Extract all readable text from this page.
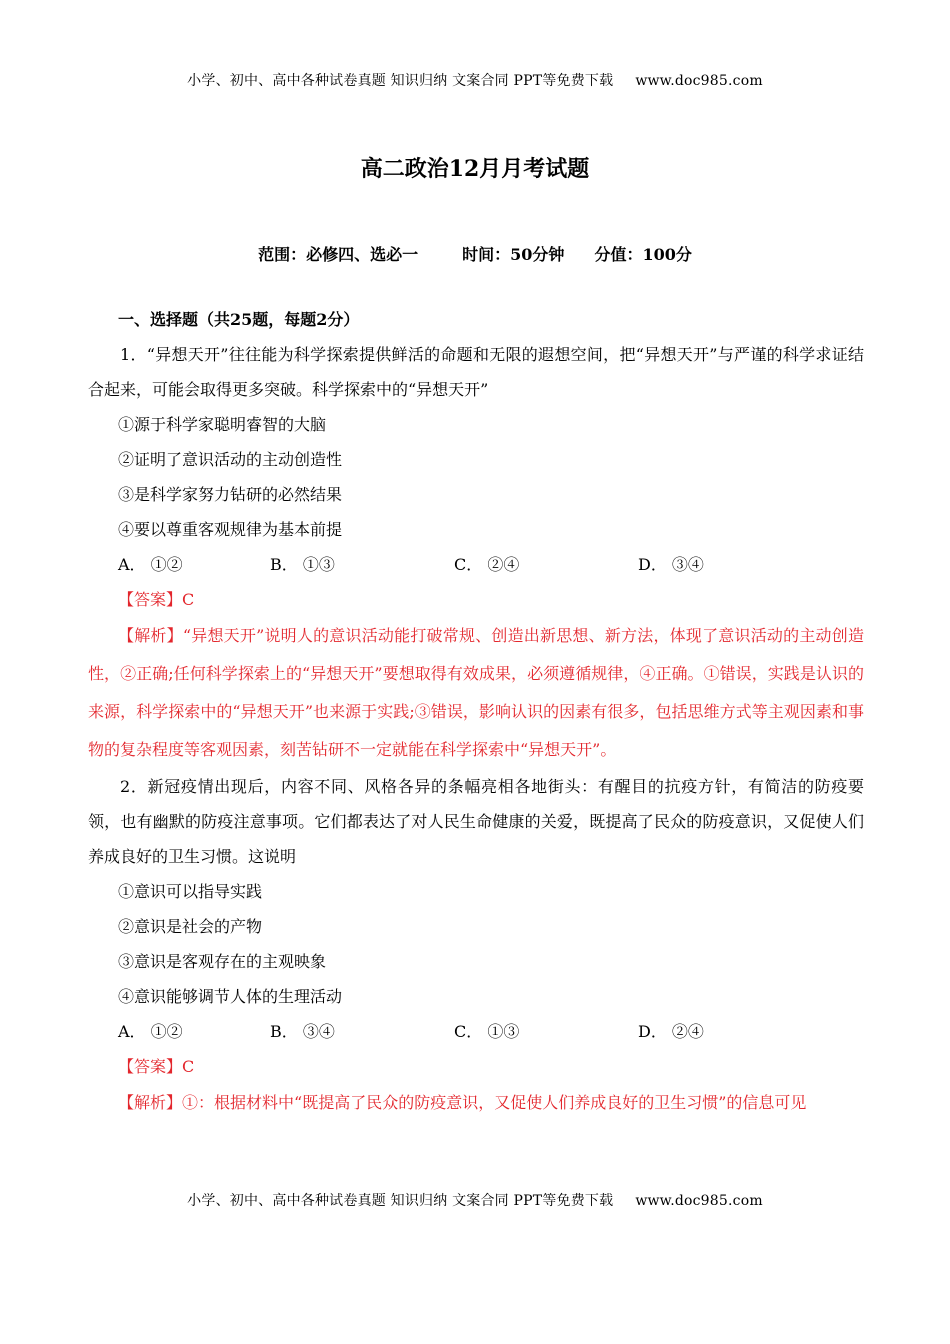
小学、初中、高中各种试卷真题 知识归纳 文案合同 PPT等免费下载 www.doc985.com
高二政治12月月考试题
范围：必修四、选必一	时间：50分钟 分值：100分

一、选择题（共25题，每题2分）

1．“异想天开”往往能为科学探索提供鲜活的命题和无限的遐想空间，把“异想天开”与严谨的科学求证结合起来，可能会取得更多突破。科学探索中的“异想天开”

①源于科学家聪明睿智的大脑

②证明了意识活动的主动创造性

③是科学家努力钻研的必然结果

④要以尊重客观规律为基本前提

A． ①②	B． ①③	C． ②④	D． ③④

【答案】C

【解析】“异想天开”说明人的意识活动能打破常规、创造出新思想、新方法，体现了意识活动的主动创造性，②正确;任何科学探索上的“异想天开”要想取得有效成果，必须遵循规律，④正确。①错误，实践是认识的来源，科学探索中的“异想天开”也来源于实践;③错误，影响认识的因素有很多，包括思维方式等主观因素和事物的复杂程度等客观因素，刻苦钻研不一定就能在科学探索中“异想天开”。

2．新冠疫情出现后，内容不同、风格各异的条幅亮相各地街头：有醒目的抗疫方针，有简洁的防疫要领，也有幽默的防疫注意事项。它们都表达了对人民生命健康的关爱，既提高了民众的防疫意识，又促使人们养成良好的卫生习惯。这说明

①意识可以指导实践

②意识是社会的产物

③意识是客观存在的主观映象

④意识能够调节人体的生理活动

A． ①②	B． ③④	C． ①③	D． ②④

【答案】C

【解析】①：根据材料中“既提高了民众的防疫意识，又促使人们养成良好的卫生习惯”的信息可见

小学、初中、高中各种试卷真题 知识归纳 文案合同 PPT等免费下载 www.doc985.com
